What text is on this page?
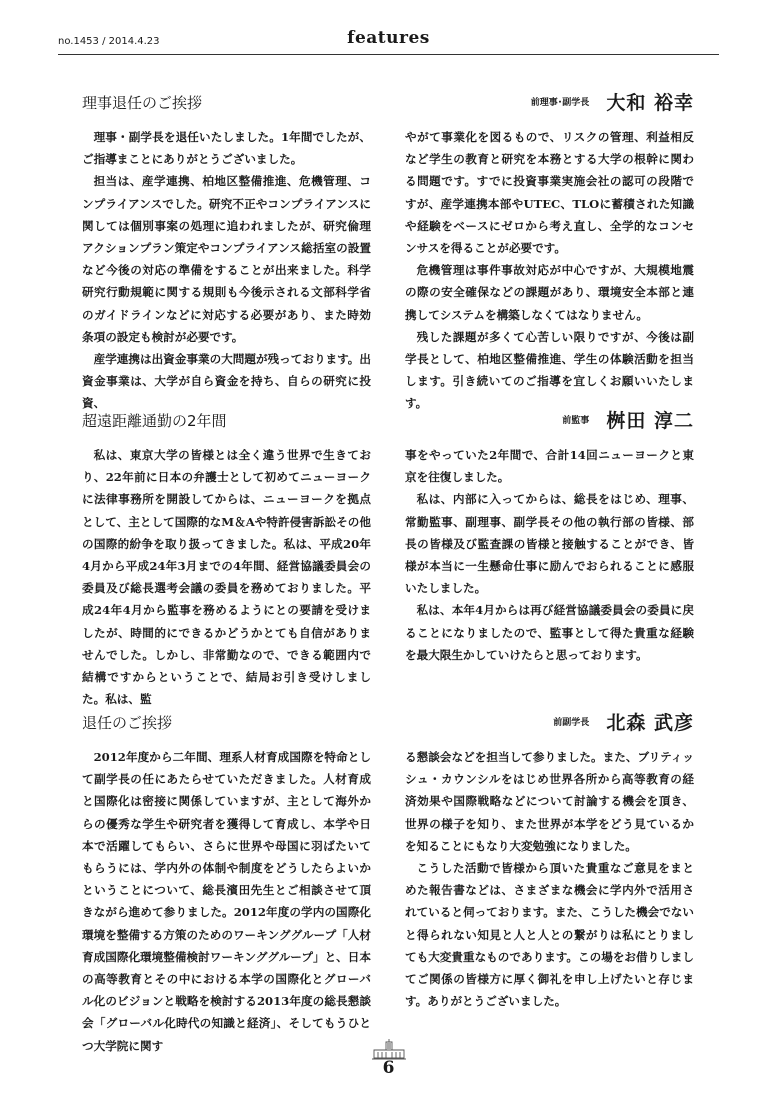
no.1453 / 2014.4.23	features
理事退任のご挨拶	前理事･副学長 大和 裕幸

理事・副学長を退任いたしました。1年間でしたが、ご指導まことにありがとうございました。

担当は、産学連携、柏地区整備推進、危機管理、コンプライアンスでした。研究不正やコンプライアンスに関しては個別事案の処理に追われましたが、研究倫理アクションプラン策定やコンプライアンス総括室の設置など今後の対応の準備をすることが出来ました。科学研究行動規範に関する規則も今後示される文部科学省のガイドラインなどに対応する必要があり、また時効条項の設定も検討が必要です。

産学連携は出資金事業の大問題が残っております。出資金事業は、大学が自ら資金を持ち、自らの研究に投資、

やがて事業化を図るもので、リスクの管理、利益相反など学生の教育と研究を本務とする大学の根幹に関わる問題です。すでに投資事業実施会社の認可の段階ですが、産学連携本部やUTEC、TLOに蓄積された知識や経験をベースにゼロから考え直し、全学的なコンセンサスを得ることが必要です。

危機管理は事件事故対応が中心ですが、大規模地震の際の安全確保などの課題があり、環境安全本部と連携してシステムを構築しなくてはなりません。

残した課題が多くて心苦しい限りですが、今後は副学長として、柏地区整備推進、学生の体験活動を担当します。引き続いてのご指導を宜しくお願いいたします。

超遠距離通勤の2年間	前監事 桝田 淳二

私は、東京大学の皆様とは全く違う世界で生きており、22年前に日本の弁護士として初めてニューヨークに法律事務所を開設してからは、ニューヨークを拠点として、主として国際的なM＆Aや特許侵害訴訟その他の国際的紛争を取り扱ってきました。私は、平成20年4月から平成24年3月までの4年間、経営協議委員会の委員及び総長選考会議の委員を務めておりました。平成24年4月から監事を務めるようにとの要請を受けましたが、時間的にできるかどうかとても自信がありませんでした。しかし、非常勤なので、できる範囲内で結構ですからということで、結局お引き受けしました。私は、監

事をやっていた2年間で、合計14回ニューヨークと東京を往復しました。

私は、内部に入ってからは、総長をはじめ、理事、常勤監事、副理事、副学長その他の執行部の皆様、部長の皆様及び監査課の皆様と接触することができ、皆様が本当に一生懸命仕事に励んでおられることに感服いたしました。

私は、本年4月からは再び経営協議委員会の委員に戻ることになりましたので、監事として得た貴重な経験を最大限生かしていけたらと思っております。

退任のご挨拶	前副学長 北森 武彦

2012年度から二年間、理系人材育成国際を特命として副学長の任にあたらせていただきました。人材育成と国際化は密接に関係していますが、主として海外からの優秀な学生や研究者を獲得して育成し、本学や日本で活躍してもらい、さらに世界や母国に羽ばたいてもらうには、学内外の体制や制度をどうしたらよいかということについて、総長濱田先生とご相談させて頂きながら進めて参りました。2012年度の学内の国際化環境を整備する方策のためのワーキンググループ「人材育成国際化環境整備検討ワーキンググループ」と、日本の高等教育とその中における本学の国際化とグローバル化のビジョンと戦略を検討する2013年度の総長懇談会「グローバル化時代の知識と経済」、そしてもうひとつ大学院に関す

る懇談会などを担当して参りました。また、ブリティッシュ・カウンシルをはじめ世界各所から高等教育の経済効果や国際戦略などについて討論する機会を頂き、世界の様子を知り、また世界が本学をどう見ているかを知ることにもなり大変勉強になりました。

こうした活動で皆様から頂いた貴重なご意見をまとめた報告書などは、さまざまな機会に学内外で活用されていると伺っております。また、こうした機会でないと得られない知見と人と人との繋がりは私にとりましても大変貴重なものであります。この場をお借りしましてご関係の皆様方に厚く御礼を申し上げたいと存じます。ありがとうございました。

6
